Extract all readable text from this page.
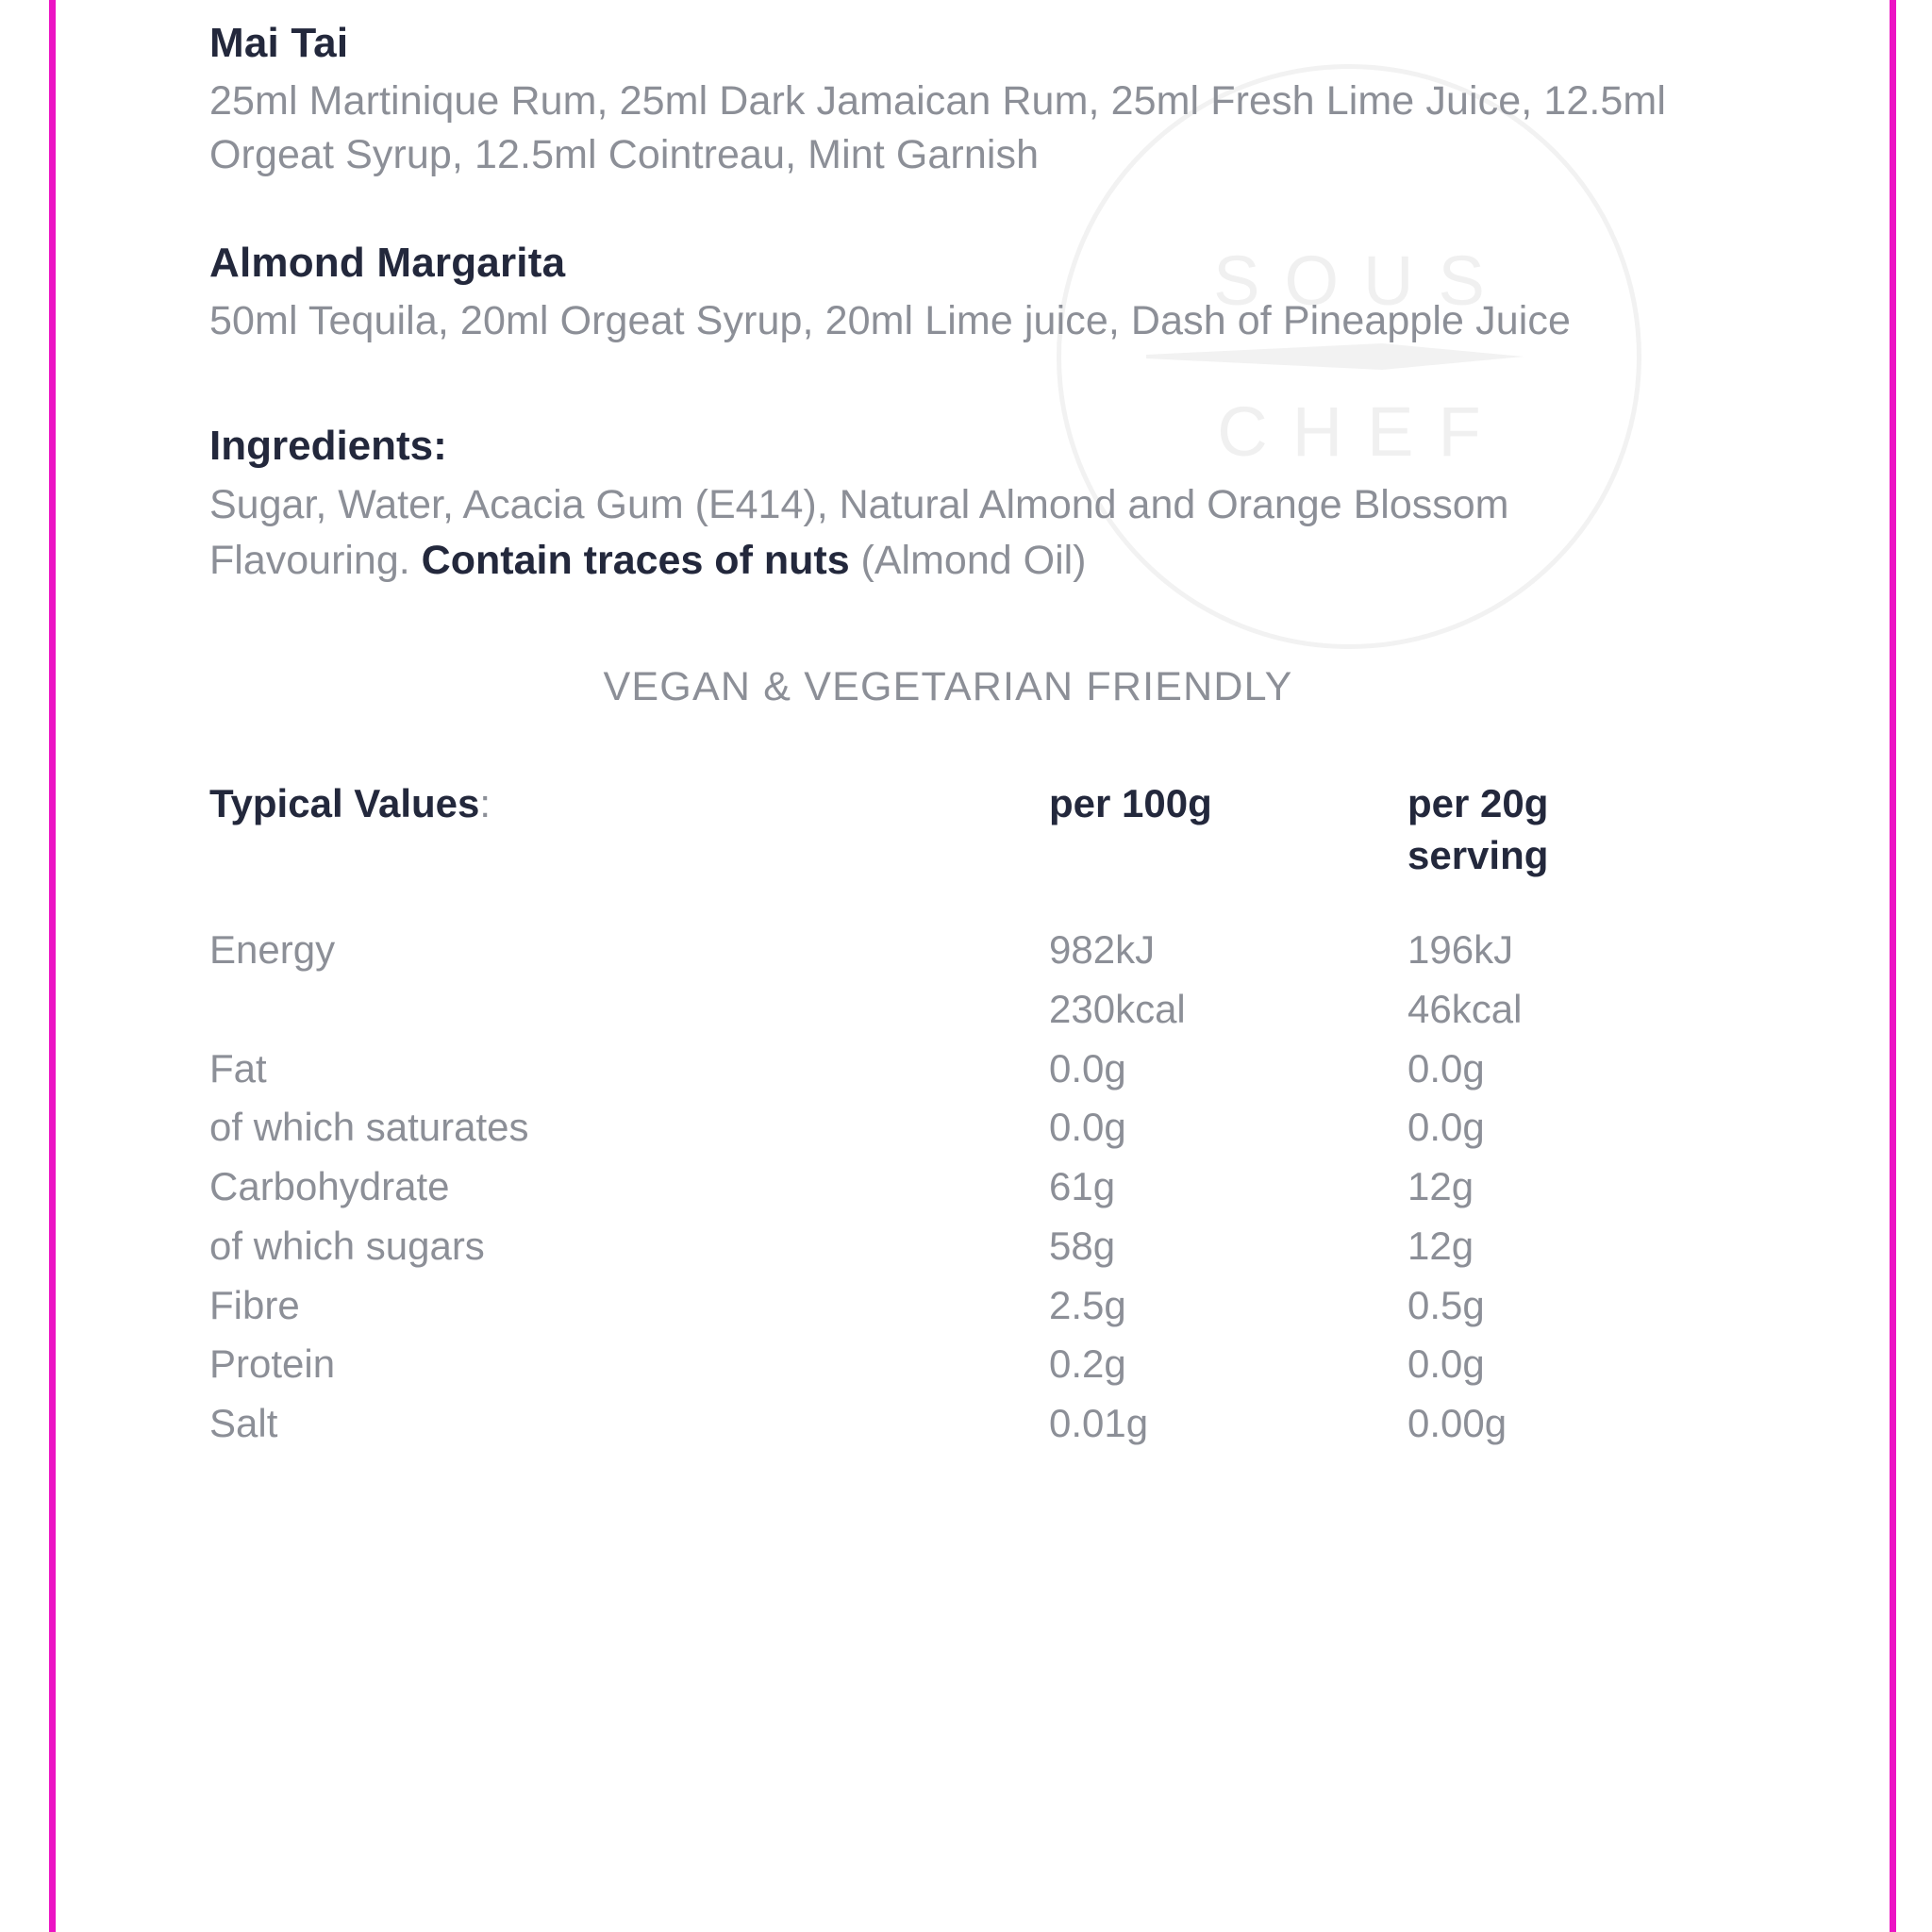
SOUS
CHEF
Mai Tai

25ml Martinique Rum, 25ml Dark Jamaican Rum, 25ml Fresh Lime Juice, 12.5ml Orgeat Syrup, 12.5ml Cointreau, Mint Garnish

Almond Margarita

50ml Tequila, 20ml Orgeat Syrup, 20ml Lime juice, Dash of Pineapple Juice

Ingredients:
Sugar, Water, Acacia Gum (E414), Natural Almond and Orange Blossom Flavouring. Contain traces of nuts (Almond Oil)
VEGAN & VEGETARIAN FRIENDLY
Typical Values:	per 100g	per 20g
serving

Energy	982kJ	196kJ
	230kcal	46kcal
Fat	0.0g	0.0g
of which saturates	0.0g	0.0g
Carbohydrate	61g	12g
of which sugars	58g	12g
Fibre	2.5g	0.5g
Protein	0.2g	0.0g
Salt	0.01g	0.00g
